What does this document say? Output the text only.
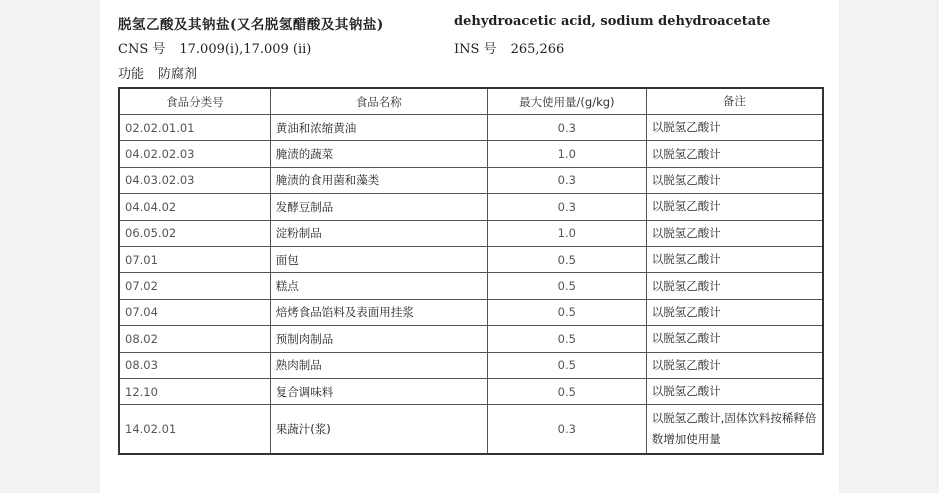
脱氢乙酸及其钠盐(又名脱氢醋酸及其钠盐)	dehydroacetic acid, sodium dehydroacetate
CNS 号 17.009(i),17.009 (ii)	INS 号 265,266
功能 防腐剂
食品分类号	食品名称	最大使用量/(g/kg)	备注
02.02.01.01	黄油和浓缩黄油	0.3	以脱氢乙酸计
04.02.02.03	腌渍的蔬菜	1.0	以脱氢乙酸计
04.03.02.03	腌渍的食用菌和藻类	0.3	以脱氢乙酸计
04.04.02	发酵豆制品	0.3	以脱氢乙酸计
06.05.02	淀粉制品	1.0	以脱氢乙酸计
07.01	面包	0.5	以脱氢乙酸计
07.02	糕点	0.5	以脱氢乙酸计
07.04	焙烤食品馅料及表面用挂浆	0.5	以脱氢乙酸计
08.02	预制肉制品	0.5	以脱氢乙酸计
08.03	熟肉制品	0.5	以脱氢乙酸计
12.10	复合调味料	0.5	以脱氢乙酸计
14.02.01	果蔬汁(浆)	0.3	以脱氢乙酸计,固体饮料按稀释倍数增加使用量
